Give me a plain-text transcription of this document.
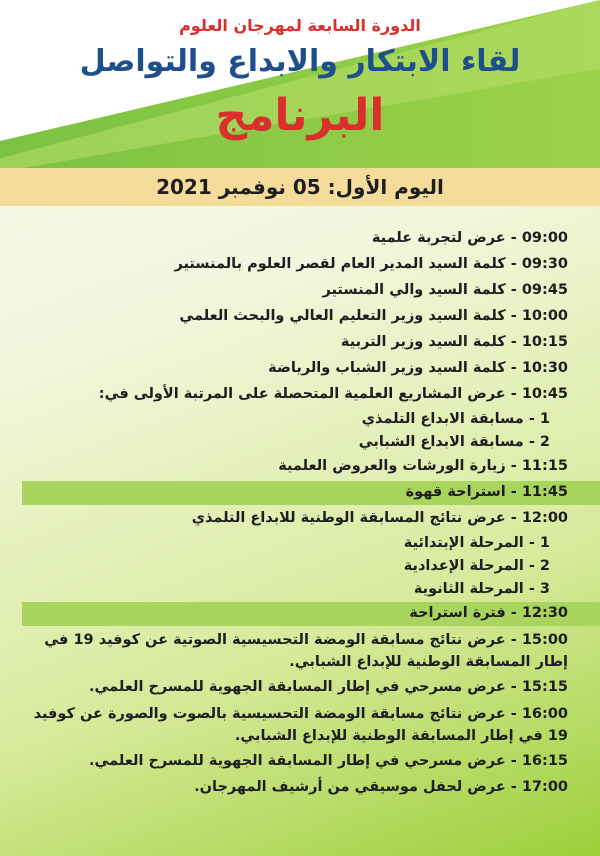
الدورة السابعة لمهرجان العلوم
لقاء الابتكار والابداع والتواصل
البرنامج
اليوم الأول: 05 نوفمبر 2021
09:00 - عرض لتجربة علمية
09:30 - كلمة السيد المدير العام لقصر العلوم بالمنستير
09:45 - كلمة السيد والي المنستير
10:00 - كلمة السيد وزير التعليم العالي والبحث العلمي
10:15 - كلمة السيد وزير التربية
10:30 - كلمة السيد وزير الشباب والرياضة
10:45 - عرض المشاريع العلمية المتحصلة على المرتبة الأولى في:
1 - مسابقة الابداع التلمذي
2 - مسابقة الابداع الشبابي
11:15 - زيارة الورشات والعروض العلمية
11:45 - استراحة قهوة
12:00 - عرض نتائج المسابقة الوطنية للابداع التلمذي
1 - المرحلة الإبتدائية
2 - المرحلة الإعدادية
3 - المرحلة الثانوية
12:30 - فترة استراحة
15:00 - عرض نتائج مسابقة الومضة التحسيسية الصوتية عن كوفيد 19 في إطار المسابقة الوطنية للإبداع الشبابي.
15:15 - عرض مسرحي في إطار المسابقة الجهوية للمسرح العلمي.
16:00 - عرض نتائج مسابقة الومضة التحسيسية بالصوت والصورة عن كوفيد 19 في إطار المسابقة الوطنية للإبداع الشبابي.
16:15 - عرض مسرحي في إطار المسابقة الجهوية للمسرح العلمي.
17:00 - عرض لحفل موسيقي من أرشيف المهرجان.
